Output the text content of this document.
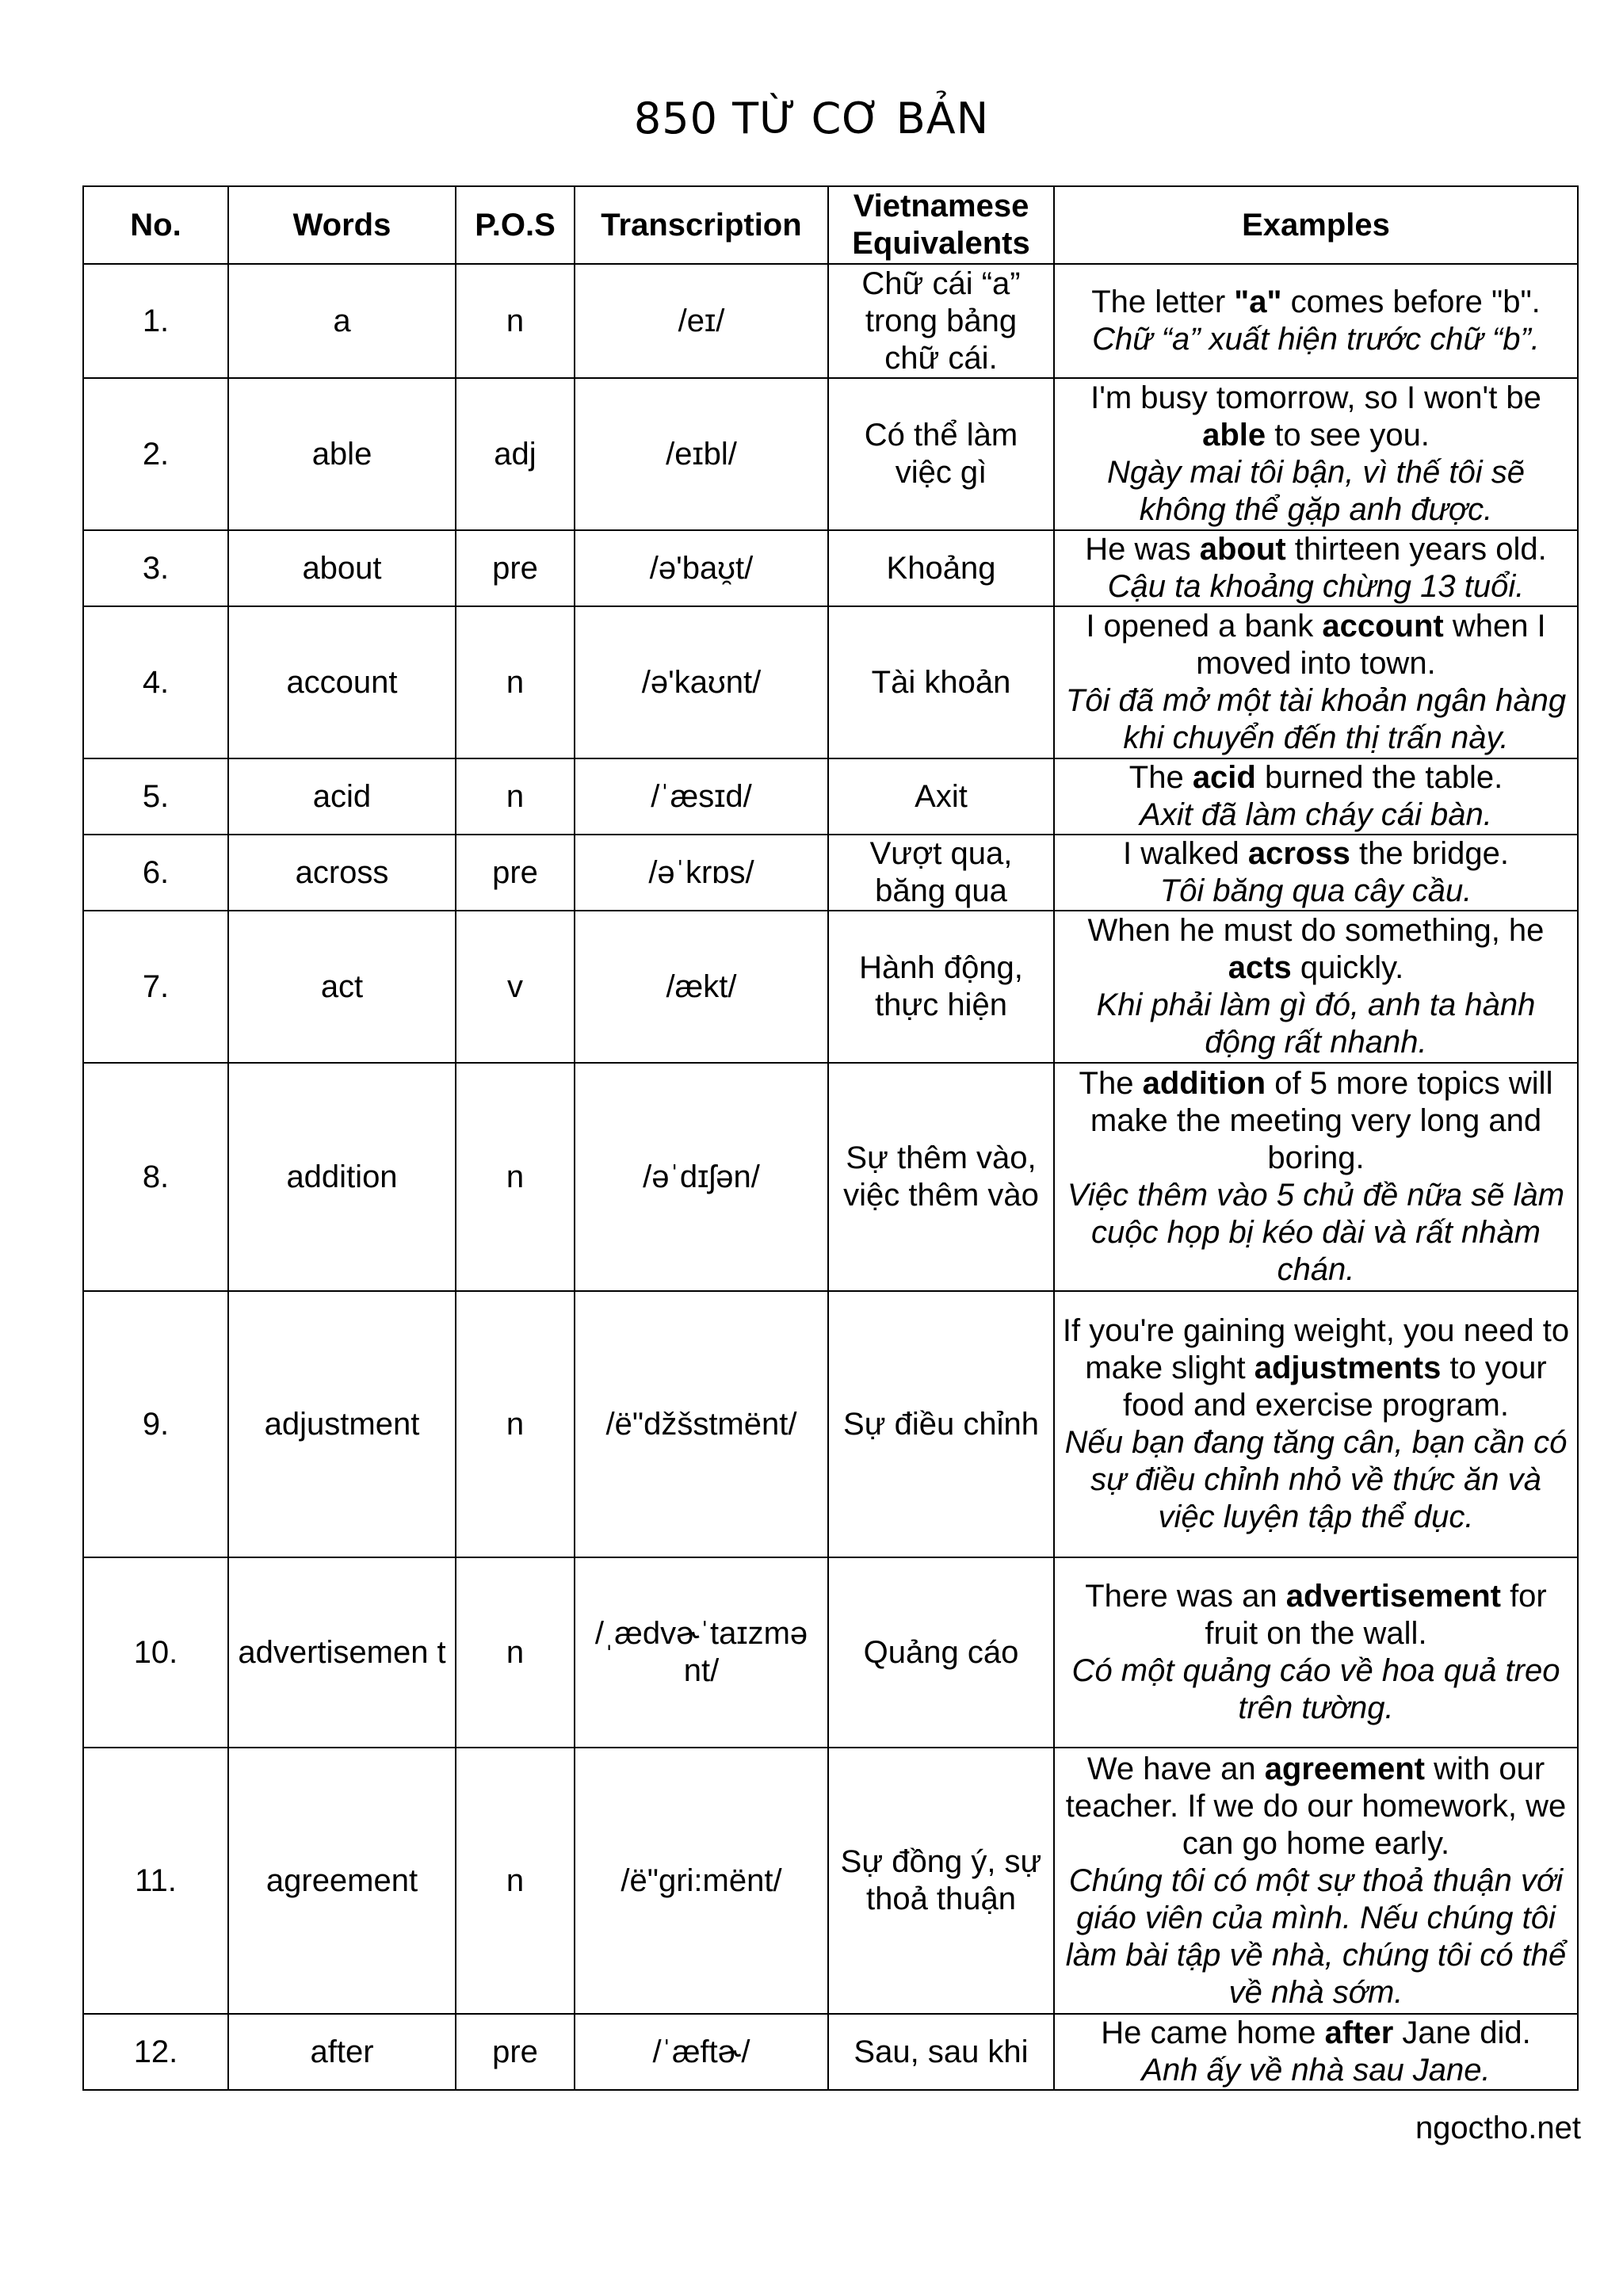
850 TỪ CƠ BẢN
No.	Words	P.O.S	Transcription	Vietnamese Equivalents	Examples
1.	a	n	/eɪ/	Chữ cái “a” trong bảng chữ cái.	The letter "a" comes before "b".
Chữ “a” xuất hiện trước chữ “b”.

2.	able	adj	/eɪbl/	Có thể làm việc gì	I'm busy tomorrow, so I won't be able to see you.
Ngày mai tôi bận, vì thế tôi sẽ không thể gặp anh được.

3.	about	pre	/ə'baʊ̯t/	Khoảng	He was about thirteen years old.
Cậu ta khoảng chừng 13 tuổi.

4.	account	n	/ə'kaʊnt/	Tài khoản	I opened a bank account when I moved into town.
Tôi đã mở một tài khoản ngân hàng khi chuyển đến thị trấn này.

5.	acid	n	/ˈæsɪd/	Axit	The acid burned the table.
Axit đã làm cháy cái bàn.

6.	across	pre	/əˈkrɒs/	Vượt qua, băng qua	I walked across the bridge.
Tôi băng qua cây cầu.

7.	act	v	/ækt/	Hành động, thực hiện	When he must do something, he acts quickly.
Khi phải làm gì đó, anh ta hành động rất nhanh.

8.	addition	n	/əˈdɪʃən/	Sự thêm vào, việc thêm vào	The addition of 5 more topics will make the meeting very long and boring.
Việc thêm vào 5 chủ đề nữa sẽ làm cuộc họp bị kéo dài và rất nhàm chán.

9.	adjustment	n	/ë"džšstmënt/	Sự điều chỉnh	If you're gaining weight, you need to make slight adjustments to your food and exercise program.
Nếu bạn đang tăng cân, bạn cần có sự điều chỉnh nhỏ về thức ăn và việc luyện tập thể dục.

10.	advertisemen t	n	/ˌædvɚˈtaɪzmə nt/	Quảng cáo	There was an advertisement for fruit on the wall.
Có một quảng cáo về hoa quả treo trên tường.

11.	agreement	n	/ë"gri:mënt/	Sự đồng ý, sự thoả thuận	We have an agreement with our teacher. If we do our homework, we can go home early.
Chúng tôi có một sự thoả thuận với giáo viên của mình. Nếu chúng tôi làm bài tập về nhà, chúng tôi có thể về nhà sớm.

12.	after	pre	/ˈæftɚ/	Sau, sau khi	He came home after Jane did.
Anh ấy về nhà sau Jane.
ngoctho.net
